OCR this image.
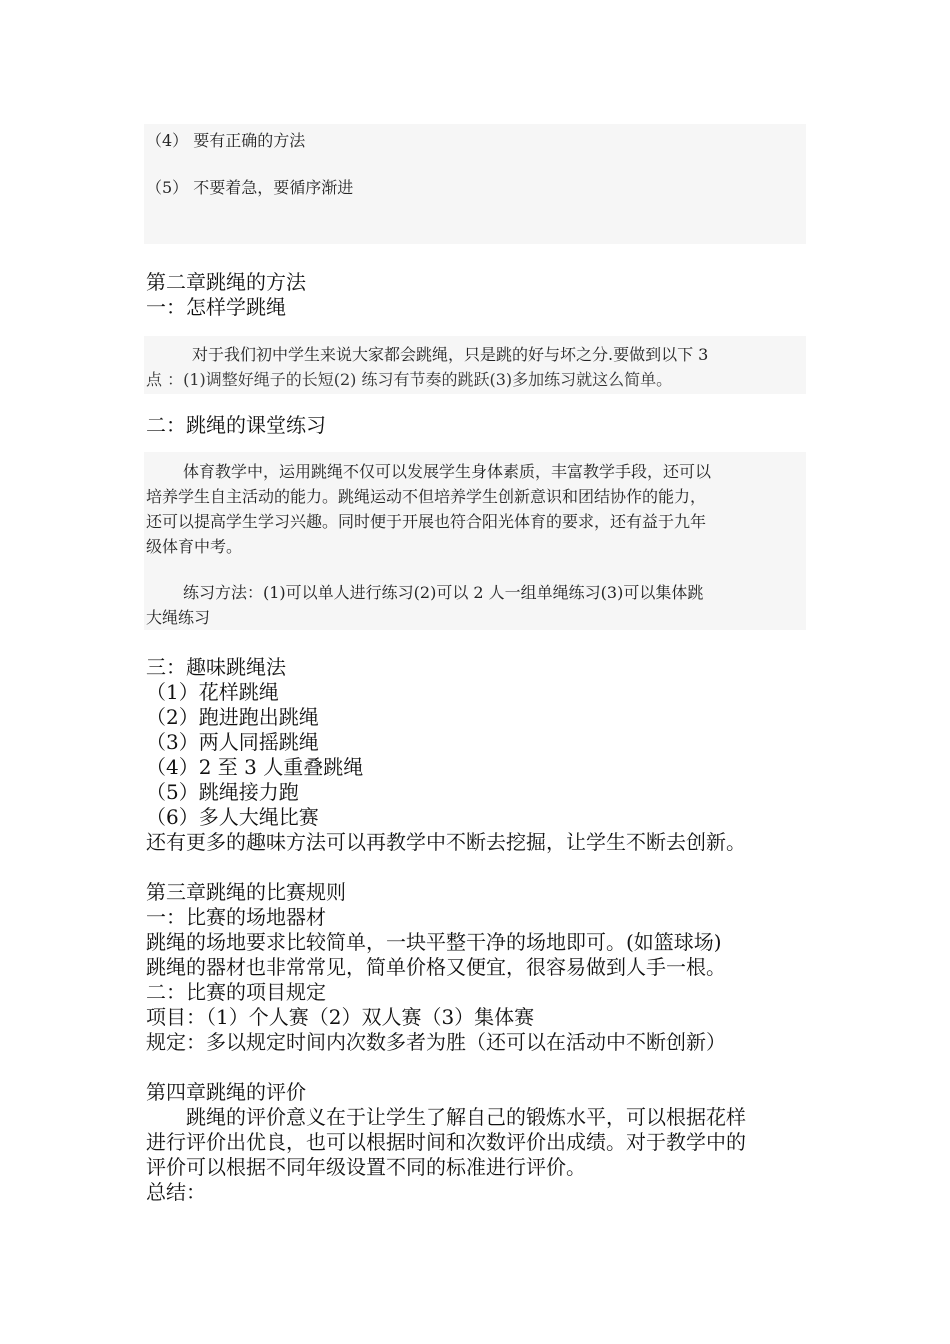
（4） 要有正确的方法
（5） 不要着急，要循序渐进
第二章跳绳的方法
一：怎样学跳绳
对于我们初中学生来说大家都会跳绳，只是跳的好与坏之分.要做到以下 3
点 ：(1)调整好绳子的长短(2) 练习有节奏的跳跃(3)多加练习就这么简单。
二：跳绳的课堂练习
体育教学中，运用跳绳不仅可以发展学生身体素质，丰富教学手段，还可以
培养学生自主活动的能力。跳绳运动不但培养学生创新意识和团结协作的能力，
还可以提高学生学习兴趣。同时便于开展也符合阳光体育的要求，还有益于九年
级体育中考。
练习方法：(1)可以单人进行练习(2)可以 2 人一组单绳练习(3)可以集体跳
大绳练习
三：趣味跳绳法
（1）花样跳绳
（2）跑进跑出跳绳
（3）两人同摇跳绳
（4）2 至 3 人重叠跳绳
（5）跳绳接力跑
（6）多人大绳比赛
还有更多的趣味方法可以再教学中不断去挖掘，让学生不断去创新。
第三章跳绳的比赛规则
一：比赛的场地器材
跳绳的场地要求比较简单，一块平整干净的场地即可。(如篮球场)
跳绳的器材也非常常见，简单价格又便宜，很容易做到人手一根。
二：比赛的项目规定
项目：（1）个人赛（2）双人赛（3）集体赛
规定：多以规定时间内次数多者为胜（还可以在活动中不断创新）
第四章跳绳的评价
跳绳的评价意义在于让学生了解自己的锻炼水平，可以根据花样
进行评价出优良，也可以根据时间和次数评价出成绩。对于教学中的
评价可以根据不同年级设置不同的标准进行评价。
总结：
